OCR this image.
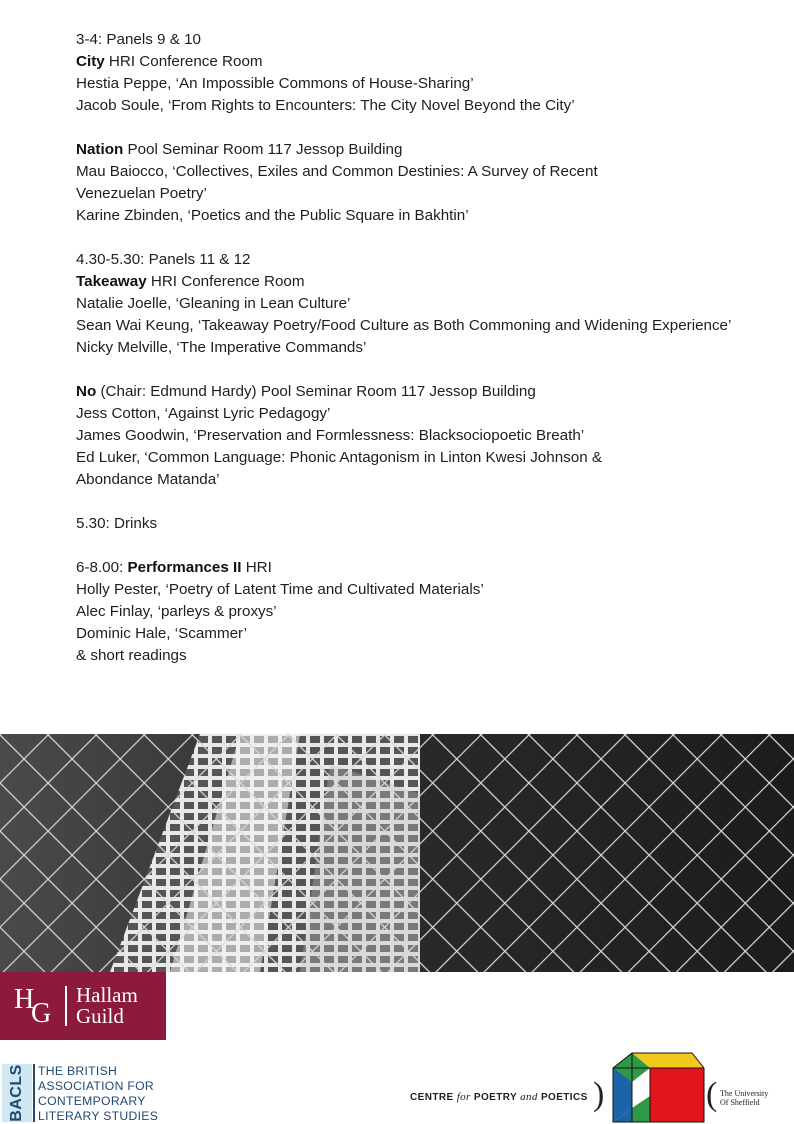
3-4: Panels 9 & 10
City HRI Conference Room
Hestia Peppe, ‘An Impossible Commons of House-Sharing’
Jacob Soule, ‘From Rights to Encounters: The City Novel Beyond the City’
Nation Pool Seminar Room 117 Jessop Building
Mau Baiocco, ‘Collectives, Exiles and Common Destinies: A Survey of Recent Venezuelan Poetry’
Karine Zbinden, ‘Poetics and the Public Square in Bakhtin’
4.30-5.30: Panels 11 & 12
Takeaway HRI Conference Room
Natalie Joelle, ‘Gleaning in Lean Culture’
Sean Wai Keung, ‘Takeaway Poetry/Food Culture as Both Commoning and Widening Experience’
Nicky Melville, ‘The Imperative Commands’
No (Chair: Edmund Hardy) Pool Seminar Room 117 Jessop Building
Jess Cotton, ‘Against Lyric Pedagogy’
James Goodwin, ‘Preservation and Formlessness: Blacksociopoetic Breath’
Ed Luker, ‘Common Language: Phonic Antagonism in Linton Kwesi Johnson & Abondance Matanda’
5.30: Drinks
6-8.00: Performances II HRI
Holly Pester, ‘Poetry of Latent Time and Cultivated Materials’
Alec Finlay, ‘parleys & proxys’
Dominic Hale, ‘Scammer’
& short readings
H
G
Hallam
Guild
BACLS THE BRITISH
ASSOCIATION FOR
CONTEMPORARY
LITERARY STUDIES
CENTRE for POETRY and POETICS )	( The University
Of Sheffield
